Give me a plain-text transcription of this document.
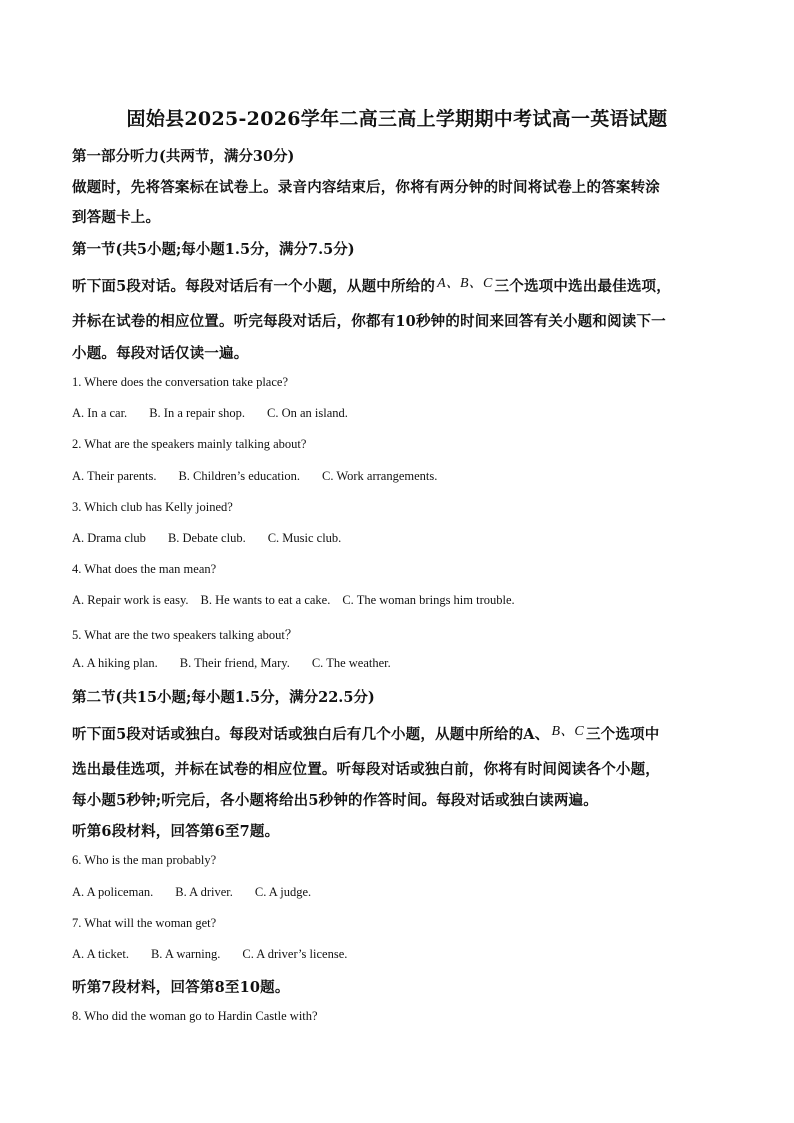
固始县2025-2026学年二高三高上学期期中考试高一英语试题
第一部分听力(共两节，满分30分)
做题时，先将答案标在试卷上。录音内容结束后，你将有两分钟的时间将试卷上的答案转涂
到答题卡上。
第一节(共5小题;每小题1.5分，满分7.5分)
听下面5段对话。每段对话后有一个小题，从题中所给的 A、B、C 三个选项中选出最佳选项，
并标在试卷的相应位置。听完每段对话后，你都有10秒钟的时间来回答有关小题和阅读下一
小题。每段对话仅读一遍。
1. Where does the conversation take place?
A. In a car. B. In a repair shop. C. On an island.
2. What are the speakers mainly talking about?
A. Their parents. B. Children’s education. C. Work arrangements.
3. Which club has Kelly joined?
A. Drama club B. Debate club. C. Music club.
4. What does the man mean?
A. Repair work is easy. B. He wants to eat a cake. C. The woman brings him trouble.
5. What are the two speakers talking about？
A. A hiking plan. B. Their friend, Mary. C. The weather.
第二节(共15小题;每小题1.5分，满分22.5分)
听下面5段对话或独白。每段对话或独白后有几个小题，从题中所给的A、 B、C 三个选项中
选出最佳选项，并标在试卷的相应位置。听每段对话或独白前，你将有时间阅读各个小题，
每小题5秒钟;听完后，各小题将给出5秒钟的作答时间。每段对话或独白读两遍。
听第6段材料，回答第6至7题。
6. Who is the man probably?
A. A policeman. B. A driver. C. A judge.
7. What will the woman get?
A. A ticket. B. A warning. C. A driver’s license.
听第7段材料，回答第8至10题。
8. Who did the woman go to Hardin Castle with?
